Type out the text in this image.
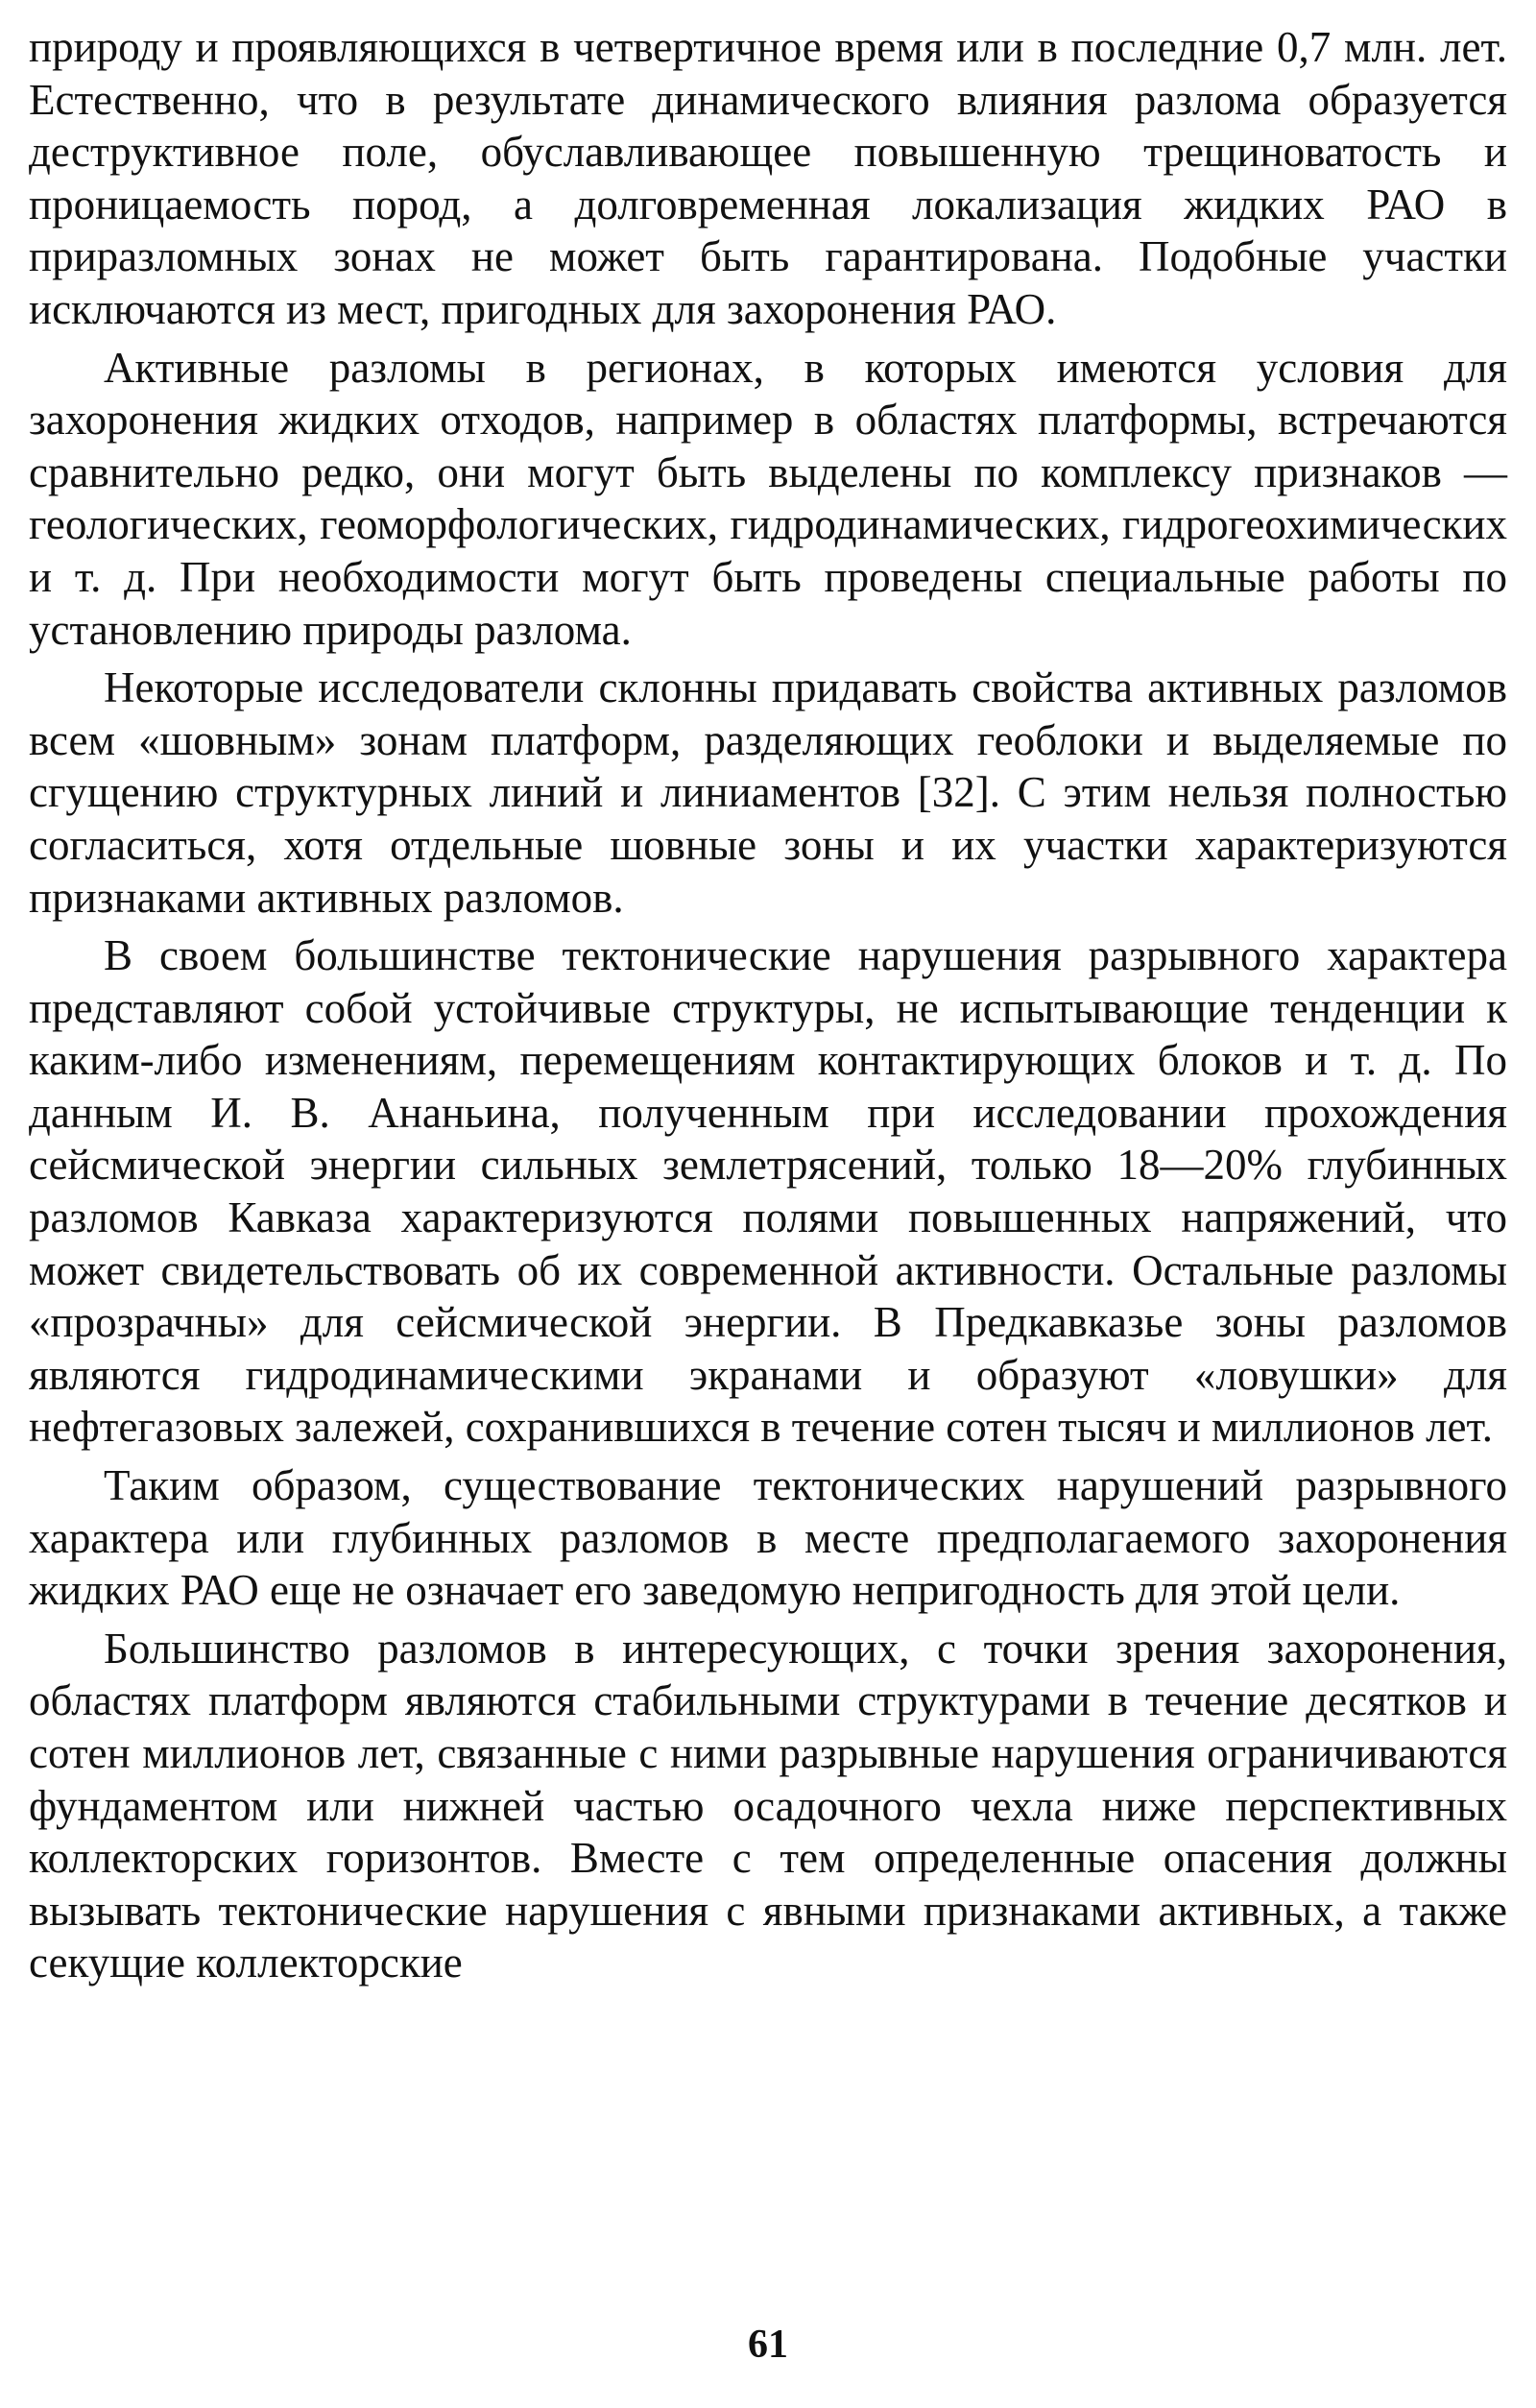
природу и проявляющихся в четвертичное время или в последние 0,7 млн. лет. Естественно, что в результате динамического влияния разлома образуется деструктивное поле, обуславливающее повышенную трещиноватость и проницаемость пород, а долговременная локализация жидких РАО в приразломных зонах не может быть гарантирована. Подобные участки исключаются из мест, пригодных для захоронения РАО.

Активные разломы в регионах, в которых имеются условия для захоронения жидких отходов, например в областях платформы, встречаются сравнительно редко, они могут быть выделены по комплексу признаков — геологических, геоморфологических, гидродинамических, гидрогеохимических и т. д. При необходимости могут быть проведены специальные работы по установлению природы разлома.

Некоторые исследователи склонны придавать свойства активных разломов всем «шовным» зонам платформ, разделяющих геоблоки и выделяемые по сгущению структурных линий и линиаментов [32]. С этим нельзя полностью согласиться, хотя отдельные шовные зоны и их участки характеризуются признаками активных разломов.

В своем большинстве тектонические нарушения разрывного характера представляют собой устойчивые структуры, не испытывающие тенденции к каким-либо изменениям, перемещениям контактирующих блоков и т. д. По данным И. В. Ананьина, полученным при исследовании прохождения сейсмической энергии сильных землетрясений, только 18—20% глубинных разломов Кавказа характеризуются полями повышенных напряжений, что может свидетельствовать об их современной активности. Остальные разломы «прозрачны» для сейсмической энергии. В Предкавказье зоны разломов являются гидродинамическими экранами и образуют «ловушки» для нефтегазовых залежей, сохранившихся в течение сотен тысяч и миллионов лет.

Таким образом, существование тектонических нарушений разрывного характера или глубинных разломов в месте предполагаемого захоронения жидких РАО еще не означает его заведомую непригодность для этой цели.

Большинство разломов в интересующих, с точки зрения захоронения, областях платформ являются стабильными структурами в течение десятков и сотен миллионов лет, связанные с ними разрывные нарушения ограничиваются фундаментом или нижней частью осадочного чехла ниже перспективных коллекторских горизонтов. Вместе с тем определенные опасения должны вызывать тектонические нарушения с явными признаками активных, а также секущие коллекторские

61
